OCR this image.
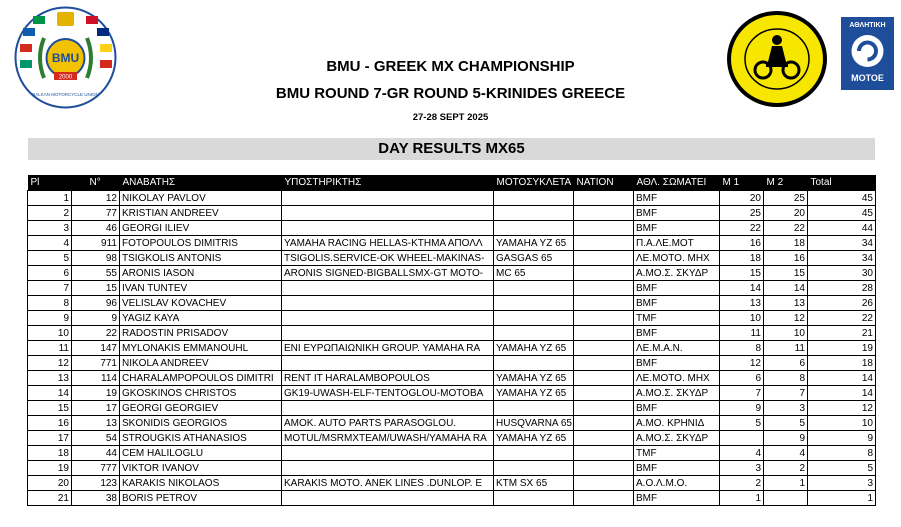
BMU
2000
BALKAN MOTORCYCLE UNION
ΑΘΛΗΤΙΚΗ
ΜΟΤΟΕ
BMU - GREEK MX CHAMPIONSHIP
BMU ROUND 7-GR ROUND 5-KRINIDES GREECE
27-28 SEPT 2025
DAY RESULTS MX65
Pl	N°	ΑΝΑΒΑΤΗΣ	ΥΠΟΣΤΗΡΙΚΤΗΣ	ΜΟΤΟΣΥΚΛΕΤΑ	NATION	ΑΘΛ. ΣΩΜΑΤΕΙ	M 1	M 2	Total
1	12	NIKOLAY PAVLOV				BMF	20	25	45
2	77	KRISTIAN ANDREEV				BMF	25	20	45
3	46	GEORGI ILIEV				BMF	22	22	44
4	911	FOTOPOULOS DIMITRIS	YAMAHA RACING HELLAS-ΚΤΗΜΑ ΑΠΟΛΛ	YAMAHA YZ 65		Π.Α.ΛΕ.ΜΟΤ	16	18	34
5	98	TSIGKOLIS ANTONIS	TSIGOLIS.SERVICE-OK WHEEL-MAKINAS-	GASGAS 65		ΛΕ.ΜΟΤΟ. ΜΗΧ	18	16	34
6	55	ARONIS IASON	ARONIS SIGNED-BIGBALLSMX-GT MOTO-	MC 65		Α.ΜΟ.Σ. ΣΚΥΔΡ	15	15	30
7	15	IVAN TUNTEV				BMF	14	14	28
8	96	VELISLAV KOVACHEV				BMF	13	13	26
9	9	YAGIZ KAYA				TMF	10	12	22
10	22	RADOSTIN PRISADOV				BMF	11	10	21
11	147	MYLONAKIS EMMANOUHL	ΕΝΙ ΕΥΡΩΠΑΙΩΝΙΚΗ GROUP. YAMAHA RA	YAMAHA YZ 65		ΛΕ.Μ.Α.Ν.	8	11	19
12	771	NIKOLA ANDREEV				BMF	12	6	18
13	114	CHARALAMPOPOULOS DIMITRI	RENT IT HARALAMBOPOULOS	YAMAHA YZ 65		ΛΕ.ΜΟΤΟ. ΜΗΧ	6	8	14
14	19	GKOSKINOS CHRISTOS	GK19-UWASH-ELF-TENTOGLOU-MOTOBA	YAMAHA YZ 65		Α.ΜΟ.Σ. ΣΚΥΔΡ	7	7	14
15	17	GEORGI GEORGIEV				BMF	9	3	12
16	13	SKONIDIS GEORGIOS	AMOK. AUTO PARTS PARASOGLOU.	HUSQVARNA 65		Α.ΜΟ. ΚΡΗΝΙΔ	5	5	10
17	54	STROUGKIS ATHANASIOS	MOTUL/MSRMXTEAM/UWASH/YAMAHA RA	YAMAHA YZ 65		Α.ΜΟ.Σ. ΣΚΥΔΡ		9	9
18	44	CEM HALILOGLU				TMF	4	4	8
19	777	VIKTOR IVANOV				BMF	3	2	5
20	123	KARAKIS NIKOLAOS	KARAKIS MOTO. ANEK LINES .DUNLOP. E	KTM SX 65		Α.Ο.Λ.Μ.Ο.	2	1	3
21	38	BORIS PETROV				BMF	1		1
